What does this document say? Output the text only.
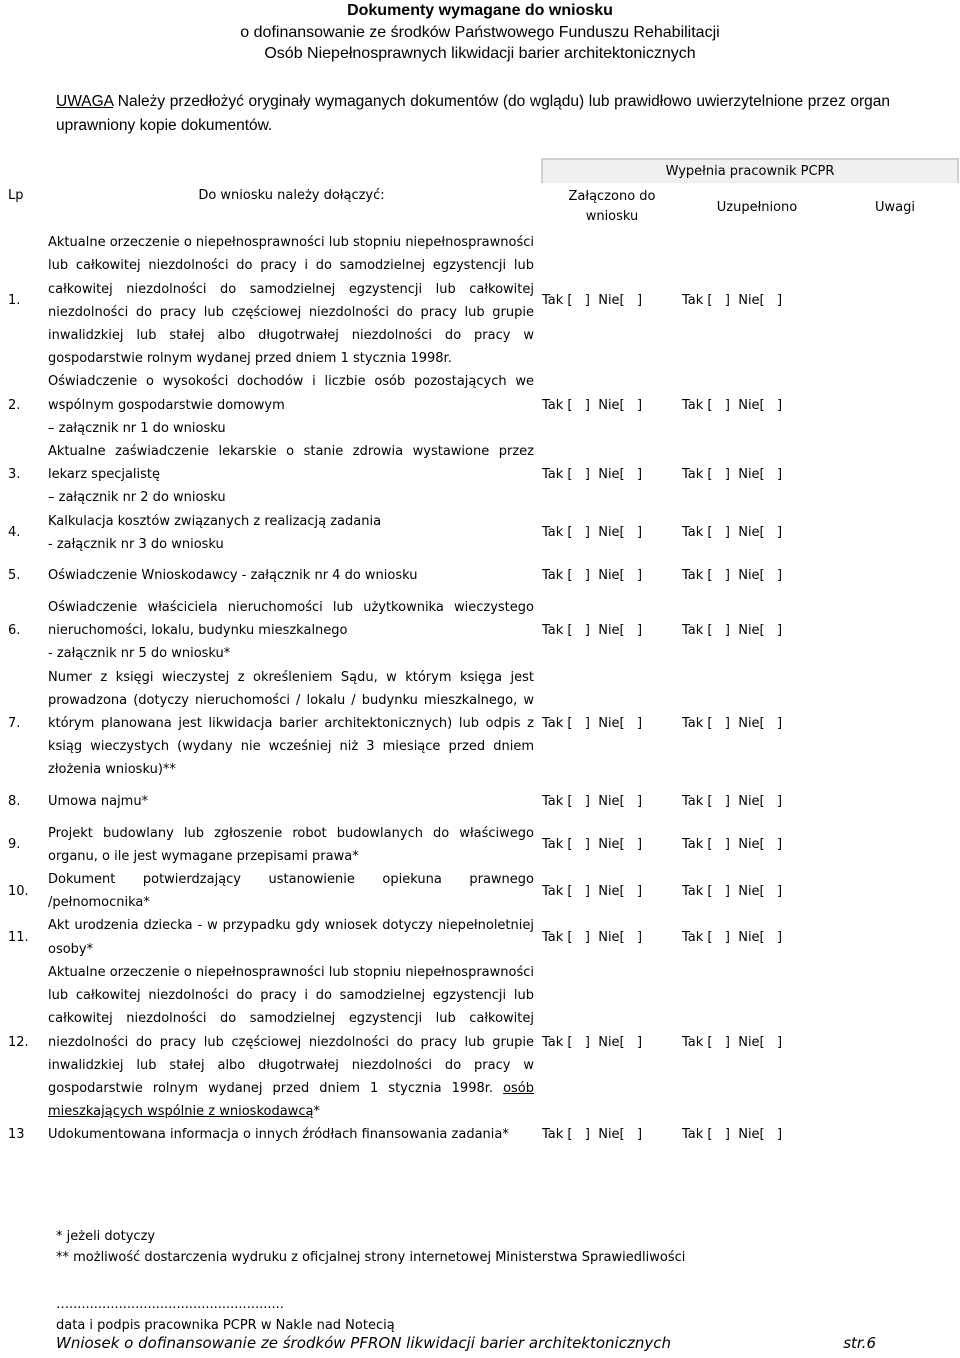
Dokumenty wymagane do wniosku
o dofinansowanie ze środków Państwowego Funduszu Rehabilitacji
Osób Niepełnosprawnych likwidacji barier architektonicznych
UWAGA Należy przedłożyć oryginały wymaganych dokumentów (do wglądu) lub prawidłowo uwierzytelnione przez organ uprawniony kopie dokumentów.
Lp	Do wniosku należy dołączyć:	Wypełnia pracownik PCPR		
		Załączono do wniosku	Uzupełniono	Uwagi
1.	Aktualne orzeczenie o niepełnosprawności lub stopniu niepełnosprawności lub całkowitej niezdolności do pracy i do samodzielnej egzystencji lub całkowitej niezdolności do samodzielnej egzystencji lub całkowitej niezdolności do pracy lub częściowej niezdolności do pracy lub grupie inwalidzkiej lub stałej albo długotrwałej niezdolności do pracy w gospodarstwie rolnym wydanej przed dniem 1 stycznia 1998r.	Tak [   ]  Nie[   ]	Tak [   ]  Nie[   ]	
2.	Oświadczenie o wysokości dochodów i liczbie osób pozostających we wspólnym gospodarstwie domowym
– załącznik nr 1 do wniosku	Tak [   ]  Nie[   ]	Tak [   ]  Nie[   ]	
3.	Aktualne zaświadczenie lekarskie o stanie zdrowia wystawione przez lekarz specjalistę
– załącznik nr 2 do wniosku	Tak [   ]  Nie[   ]	Tak [   ]  Nie[   ]	
4.	Kalkulacja kosztów związanych z realizacją zadania
- załącznik nr 3 do wniosku	Tak [   ]  Nie[   ]	Tak [   ]  Nie[   ]	
5.	Oświadczenie Wnioskodawcy - załącznik nr 4 do wniosku	Tak [   ]  Nie[   ]	Tak [   ]  Nie[   ]	
6.	Oświadczenie właściciela nieruchomości lub użytkownika wieczystego nieruchomości, lokalu, budynku mieszkalnego
- załącznik nr 5 do wniosku*	Tak [   ]  Nie[   ]	Tak [   ]  Nie[   ]	
7.	Numer z księgi wieczystej z określeniem Sądu, w którym księga jest prowadzona (dotyczy nieruchomości / lokalu / budynku mieszkalnego, w którym planowana jest likwidacja barier architektonicznych) lub odpis z ksiąg wieczystych (wydany nie wcześniej niż 3 miesiące przed dniem złożenia wniosku)**	Tak [   ]  Nie[   ]	Tak [   ]  Nie[   ]	
8.	Umowa najmu*	Tak [   ]  Nie[   ]	Tak [   ]  Nie[   ]	
9.	Projekt budowlany lub zgłoszenie robot budowlanych do właściwego organu, o ile jest wymagane przepisami prawa*	Tak [   ]  Nie[   ]	Tak [   ]  Nie[   ]	
10.	Dokument potwierdzający ustanowienie opiekuna prawnego /pełnomocnika*	Tak [   ]  Nie[   ]	Tak [   ]  Nie[   ]	
11.	Akt urodzenia dziecka - w przypadku gdy wniosek dotyczy niepełnoletniej osoby*	Tak [   ]  Nie[   ]	Tak [   ]  Nie[   ]	
12.	Aktualne orzeczenie o niepełnosprawności lub stopniu niepełnosprawności lub całkowitej niezdolności do pracy i do samodzielnej egzystencji lub całkowitej niezdolności do samodzielnej egzystencji lub całkowitej niezdolności do pracy lub częściowej niezdolności do pracy lub grupie inwalidzkiej lub stałej albo długotrwałej niezdolności do pracy w gospodarstwie rolnym wydanej przed dniem 1 stycznia 1998r. osób mieszkających wspólnie z wnioskodawcą*	Tak [   ]  Nie[   ]	Tak [   ]  Nie[   ]	
13	Udokumentowana informacja o innych źródłach finansowania zadania*	Tak [   ]  Nie[   ]	Tak [   ]  Nie[   ]	
* jeżeli dotyczy
** możliwość dostarczenia wydruku z oficjalnej strony internetowej Ministerstwa Sprawiedliwości
…....................................................
data i podpis pracownika PCPR w Nakle nad Notecią
Wniosek o dofinansowanie ze środków PFRON likwidacji barier architektonicznych	str.6
